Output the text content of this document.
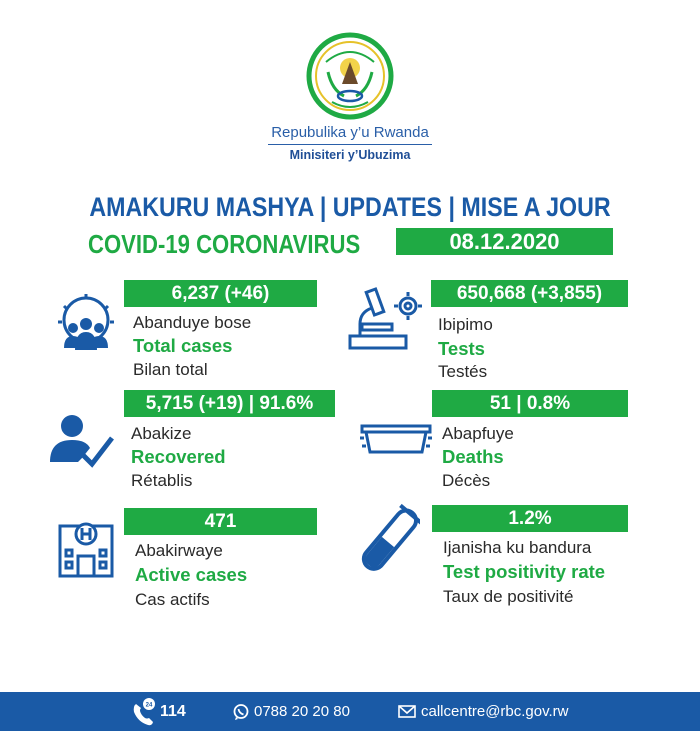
Repubulika y’u Rwanda
Minisiteri y’Ubuzima
AMAKURU MASHYA | UPDATES | MISE A JOUR
COVID-19 CORONAVIRUS	08.12.2020
6,237 (+46)
Abanduye bose
Total cases
Bilan total
650,668 (+3,855)
Ibipimo
Tests
Testés
5,715 (+19) | 91.6%
Abakize
Recovered
Rétablis
51 | 0.8%
Abapfuye
Deaths
Décès
471
Abakirwaye
Active cases
Cas actifs
1.2%
Ijanisha ku bandura
Test positivity rate
Taux de positivité
24 114	0788 20 20 80	callcentre@rbc.gov.rw
